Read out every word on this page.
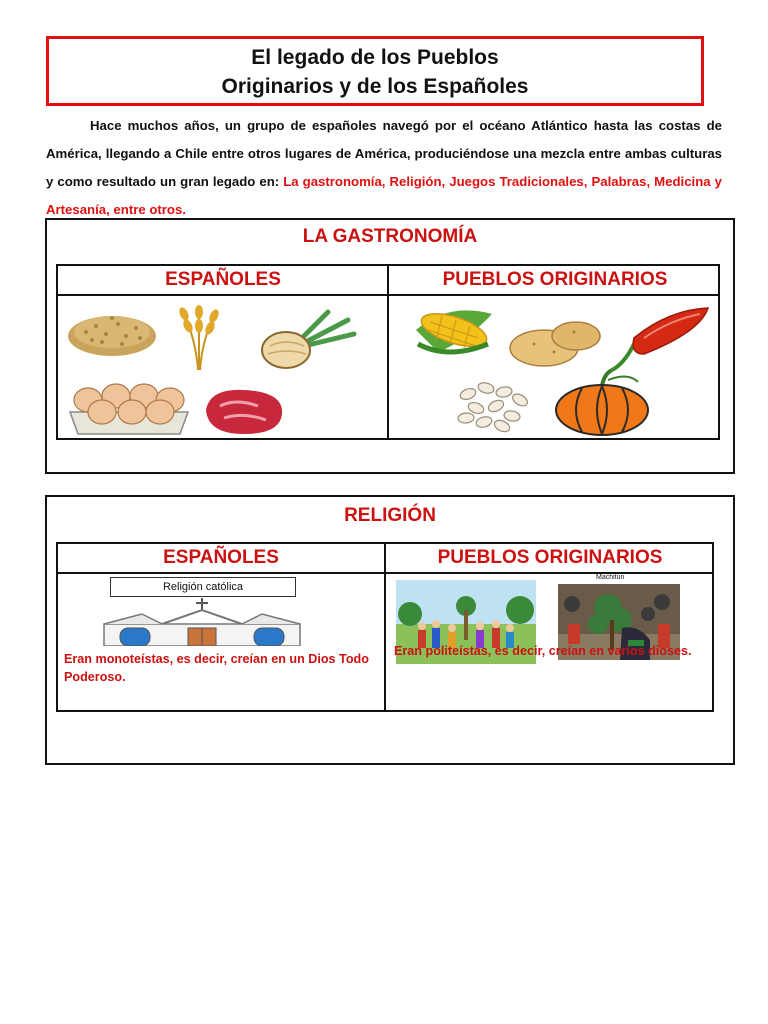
El legado de los Pueblos
Originarios y de los Españoles

Hace muchos años, un grupo de españoles navegó por el océano Atlántico hasta las costas de América, llegando a Chile entre otros lugares de América, produciéndose una mezcla entre ambas culturas y como resultado un gran legado en: La gastronomía, Religión, Juegos Tradicionales, Palabras, Medicina y Artesanía, entre otros.

LA GASTRONOMÍA
ESPAÑOLES	PUEBLOS ORIGINARIOS
RELIGIÓN
ESPAÑOLES	PUEBLOS ORIGINARIOS
Religión católica

Eran monoteístas, es decir, creían en un Dios Todo Poderoso.

Machitún

Eran politeístas, es decir, creían en varios dioses.
